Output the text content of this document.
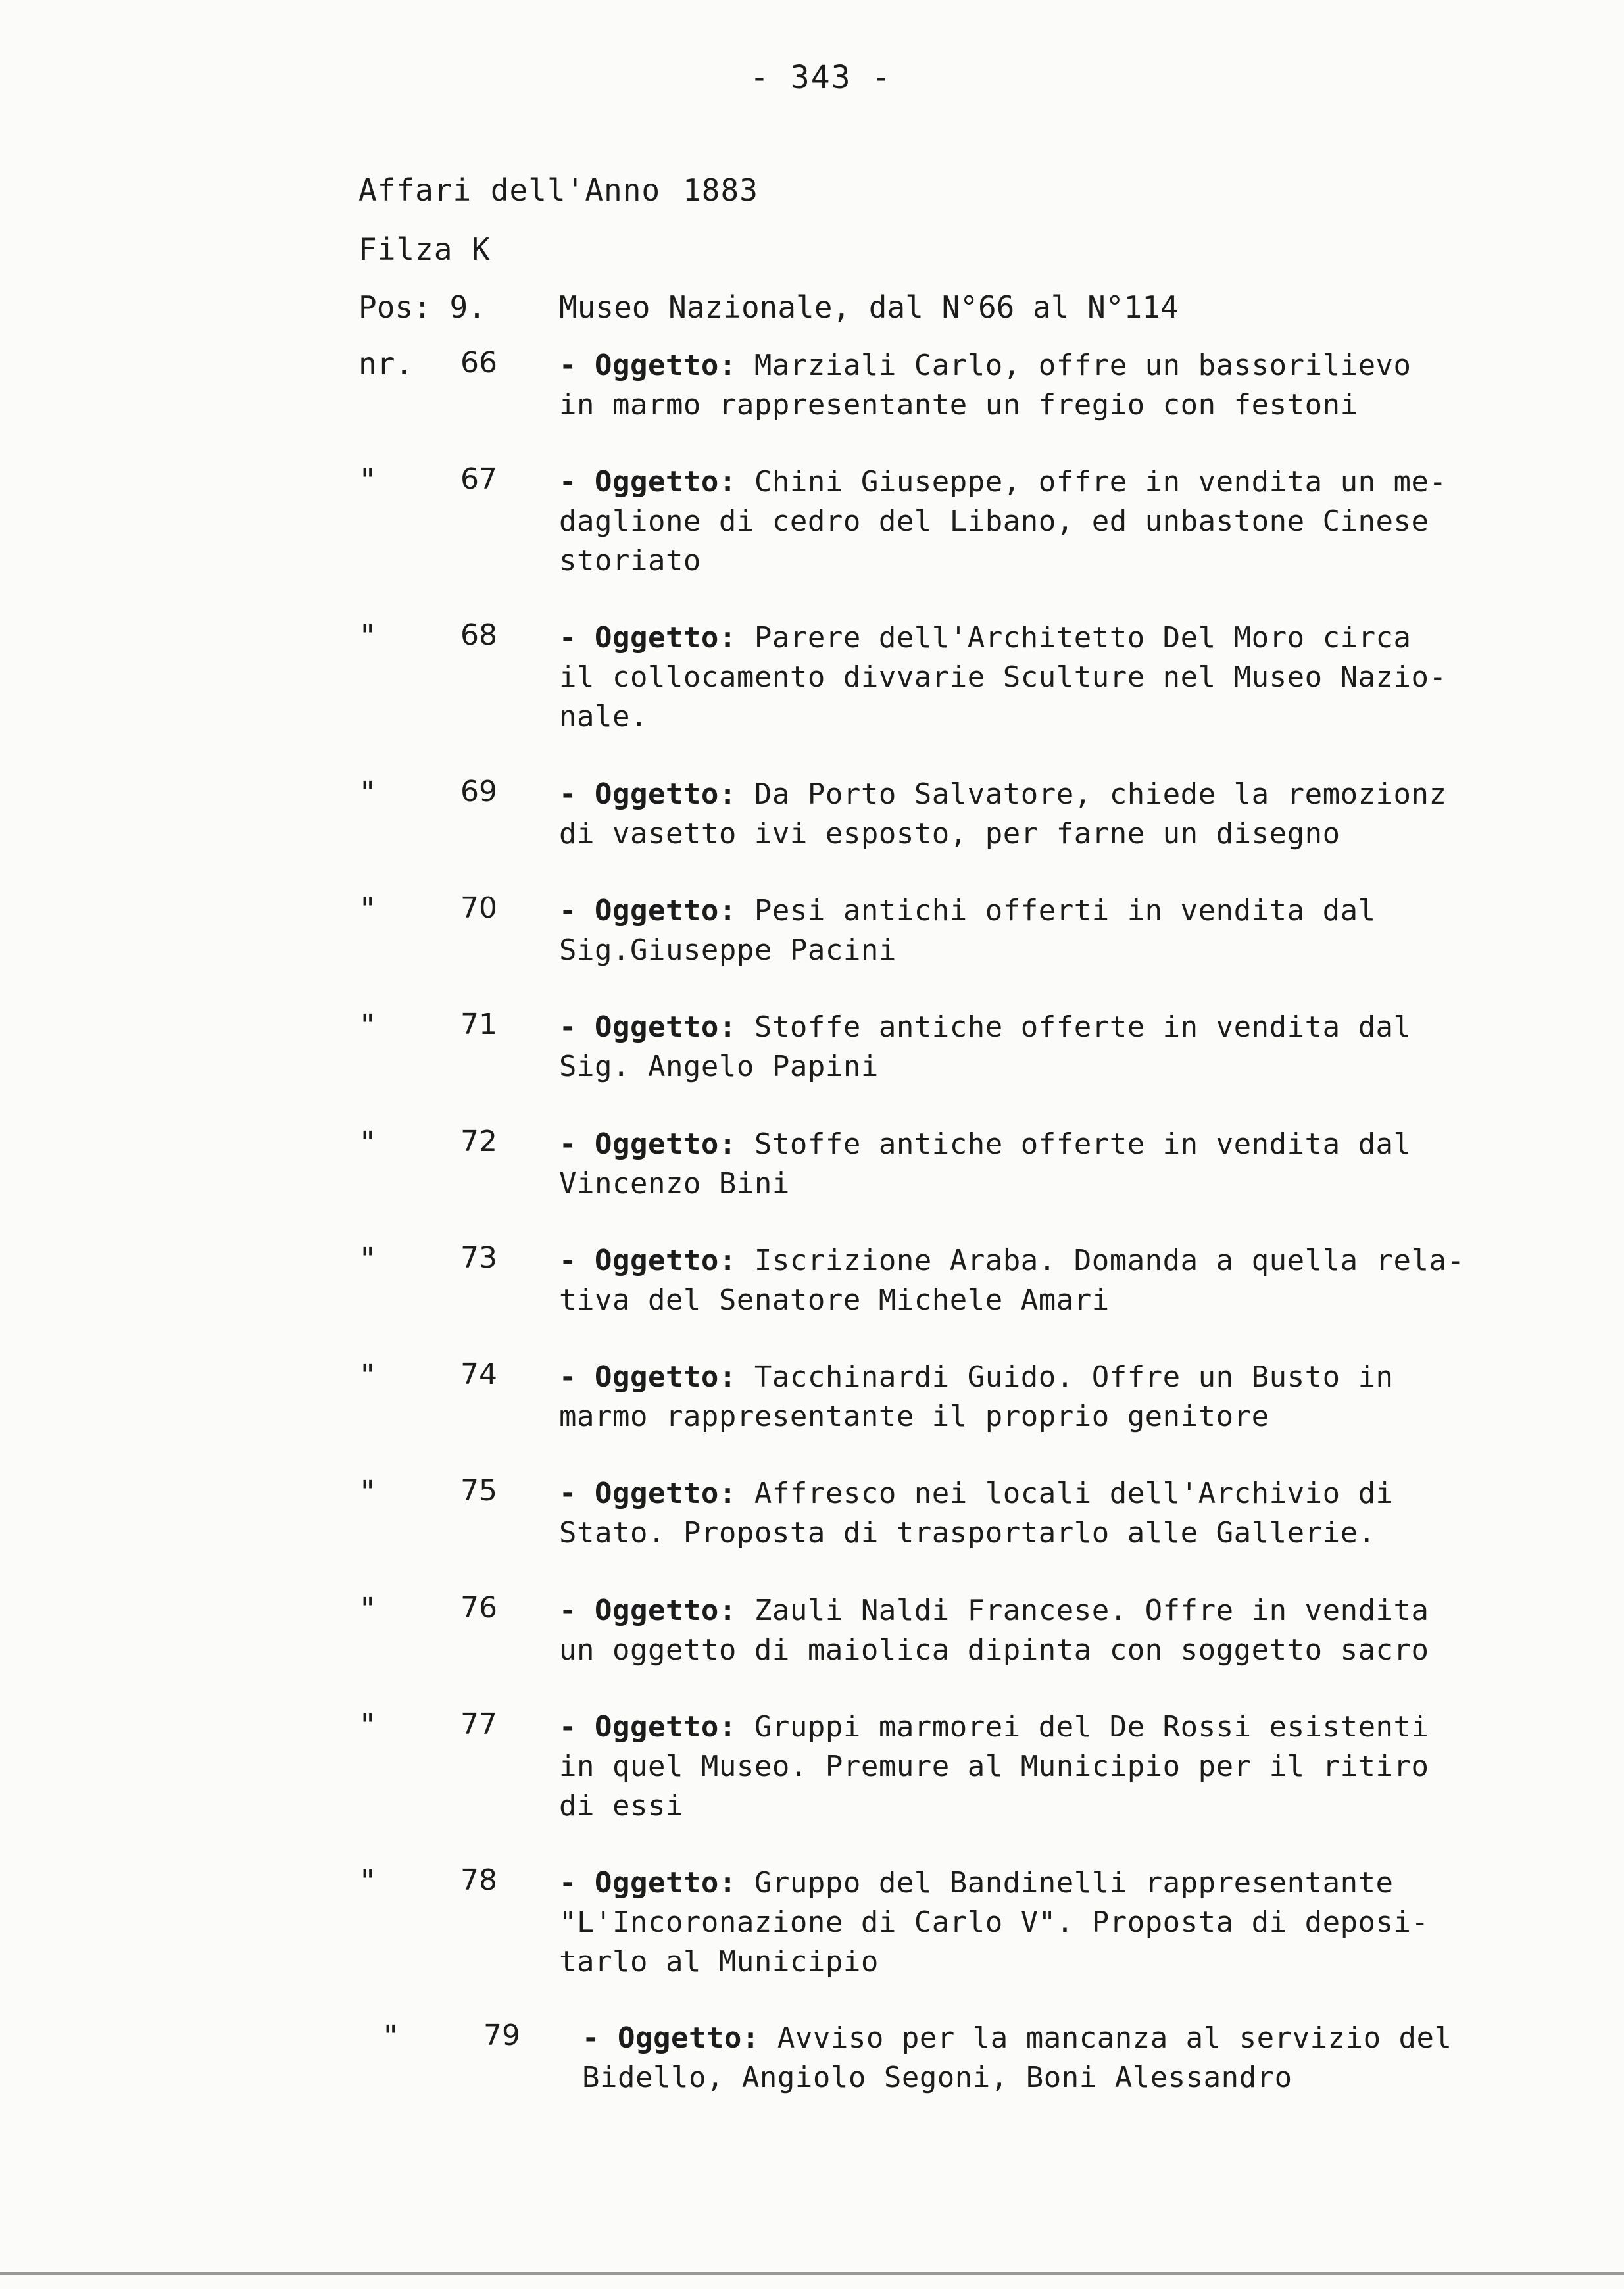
- 343 -
Affari dell'Anno 1883
Filza K
Pos: 9. Museo Nazionale, dal N°66 al N°114
nr.	66	- Oggetto: Marziali Carlo, offre un bassorilievo
in marmo rappresentante un fregio con festoni
"	67	- Oggetto: Chini Giuseppe, offre in vendita un me-
daglione di cedro del Libano, ed unbastone Cinese
storiato
"	68	- Oggetto: Parere dell'Architetto Del Moro circa
il collocamento divvarie Sculture nel Museo Nazio-
nale.
"	69	- Oggetto: Da Porto Salvatore, chiede la remozionz
di vasetto ivi esposto, per farne un disegno
"	70	- Oggetto: Pesi antichi offerti in vendita dal
Sig.Giuseppe Pacini
"	71	- Oggetto: Stoffe antiche offerte in vendita dal
Sig. Angelo Papini
"	72	- Oggetto: Stoffe antiche offerte in vendita dal
Vincenzo Bini
"	73	- Oggetto: Iscrizione Araba. Domanda a quella rela-
tiva del Senatore Michele Amari
"	74	- Oggetto: Tacchinardi Guido. Offre un Busto in
marmo rappresentante il proprio genitore
"	75	- Oggetto: Affresco nei locali dell'Archivio di
Stato. Proposta di trasportarlo alle Gallerie.
"	76	- Oggetto: Zauli Naldi Francese. Offre in vendita
un oggetto di maiolica dipinta con soggetto sacro
"	77	- Oggetto: Gruppi marmorei del De Rossi esistenti
in quel Museo. Premure al Municipio per il ritiro
di essi
"	78	- Oggetto: Gruppo del Bandinelli rappresentante
"L'Incoronazione di Carlo V". Proposta di deposi-
tarlo al Municipio
"	79	- Oggetto: Avviso per la mancanza al servizio del
Bidello, Angiolo Segoni, Boni Alessandro
